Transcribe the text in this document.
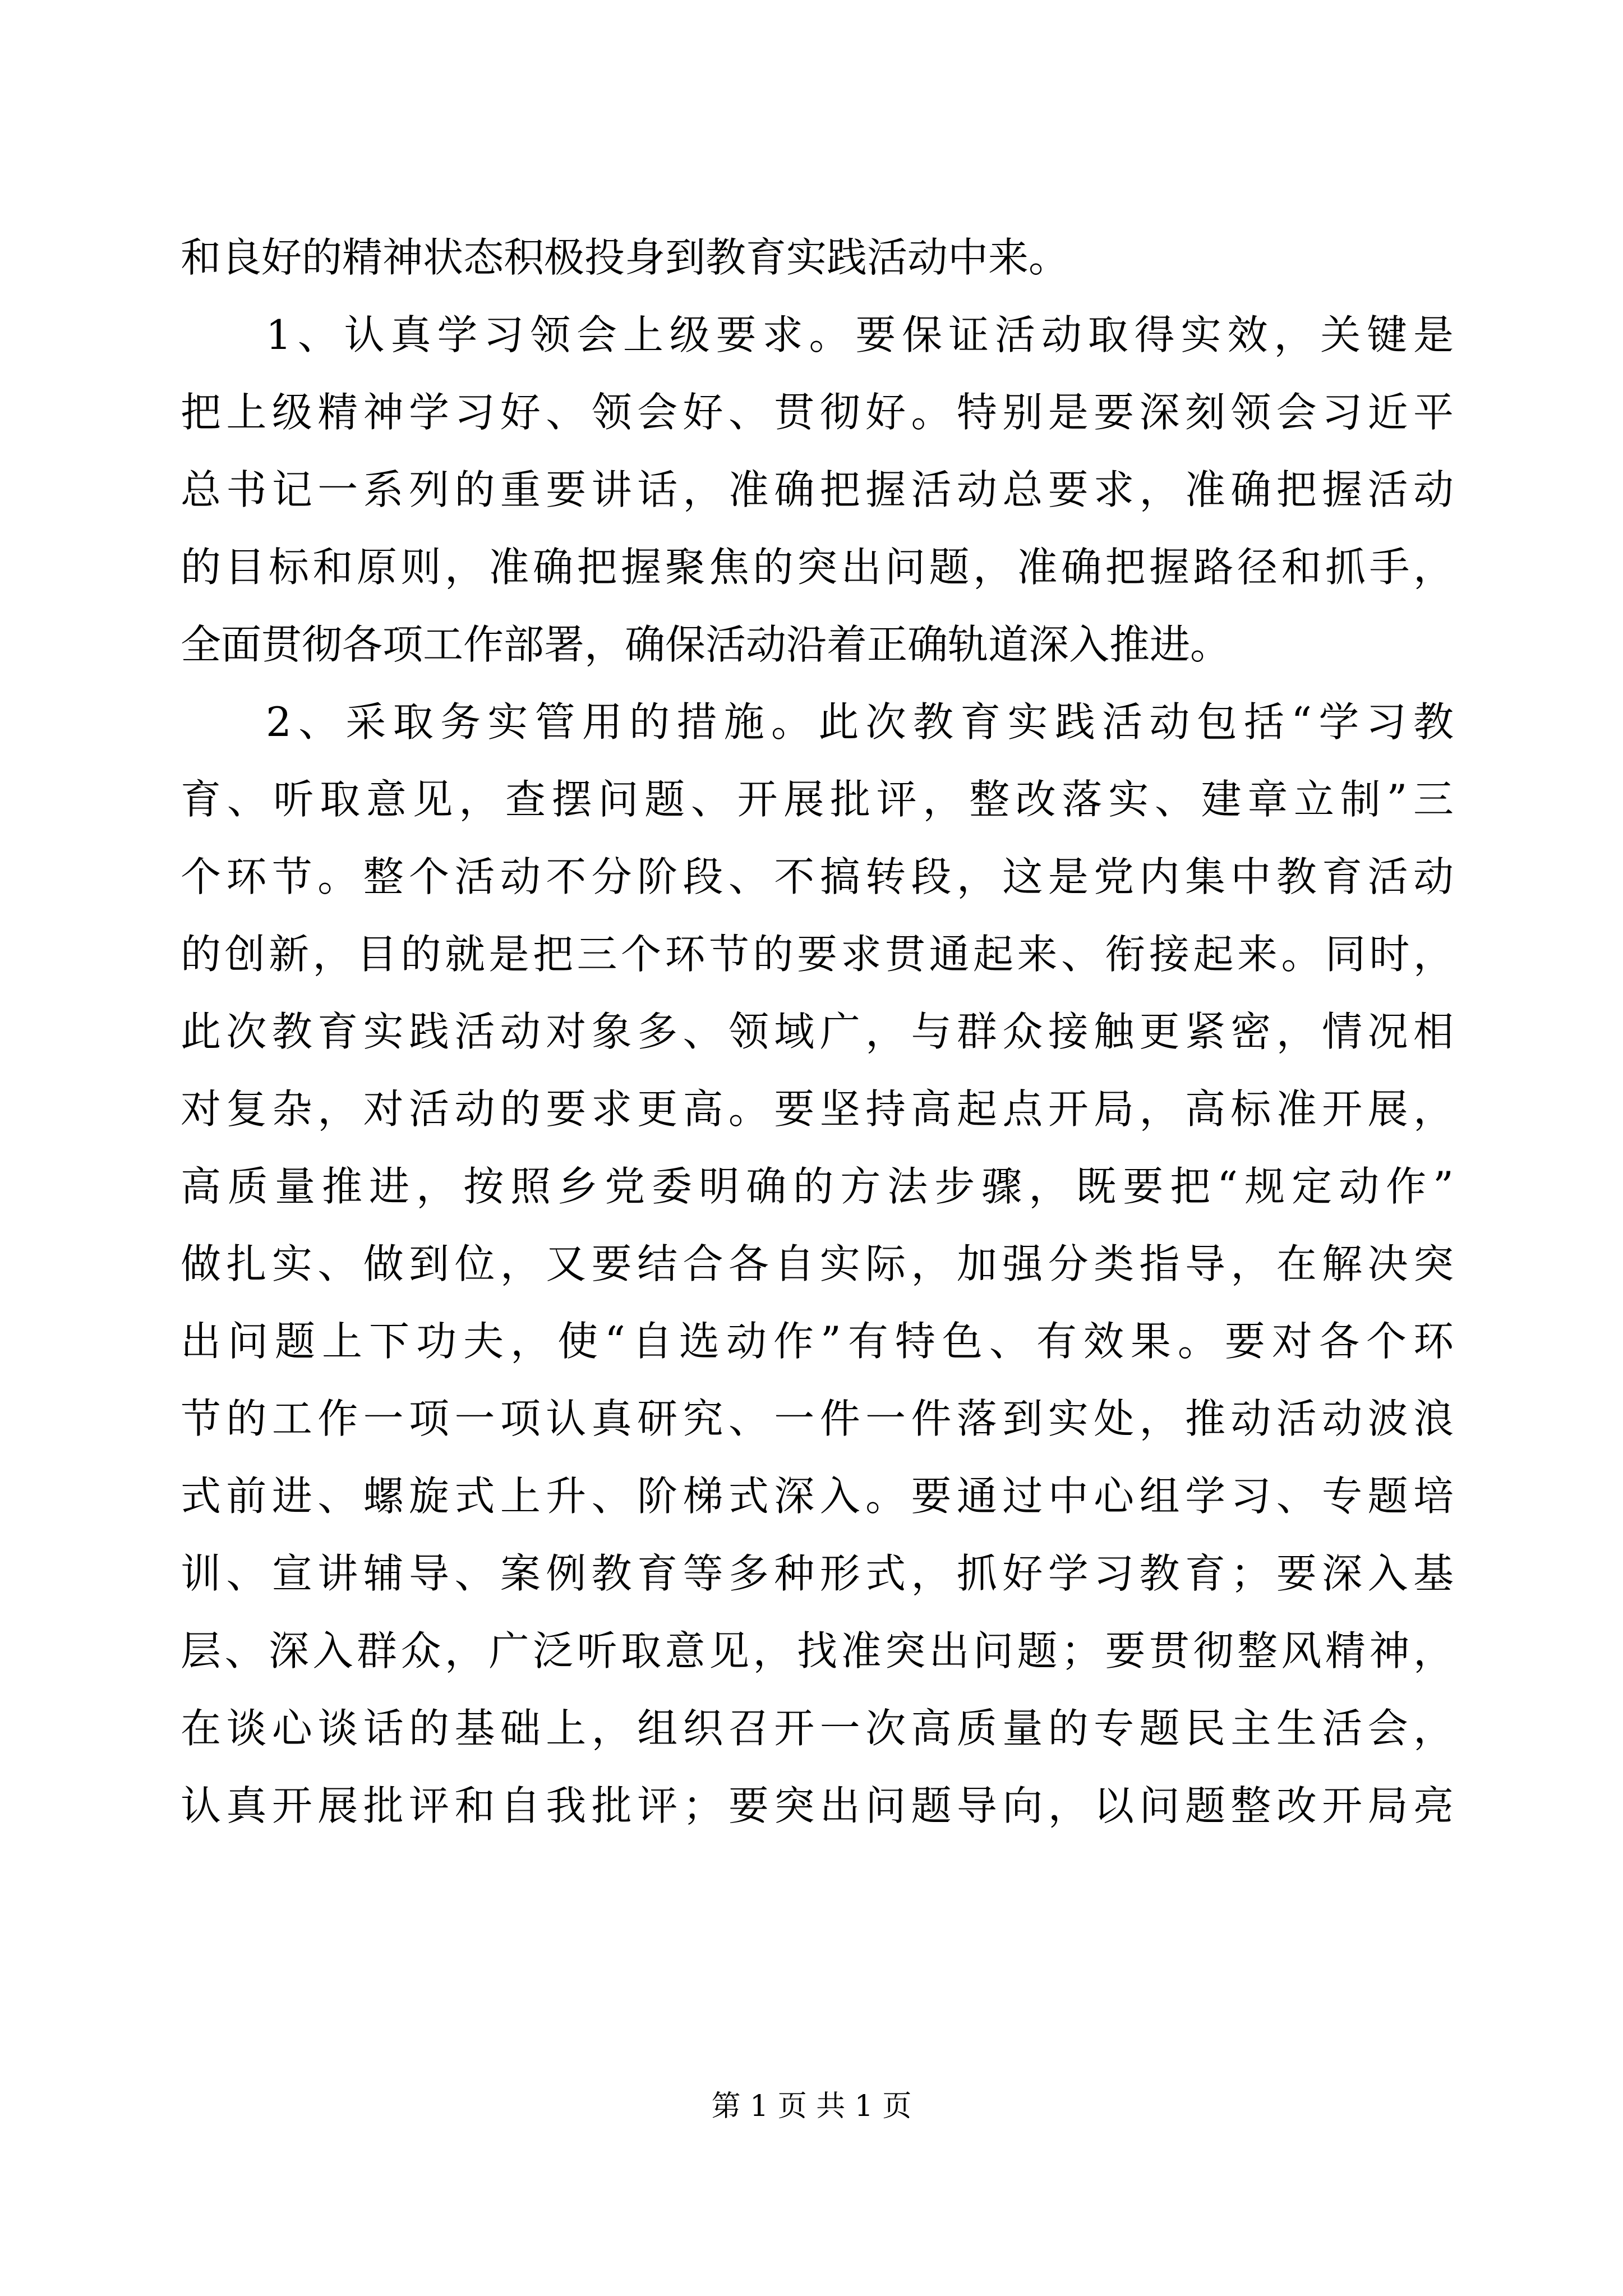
和良好的精神状态积极投身到教育实践活动中来。
1、认真学习领会上级要求。要保证活动取得实效，关键是
把上级精神学习好、领会好、贯彻好。特别是要深刻领会习近平
总书记一系列的重要讲话，准确把握活动总要求，准确把握活动
的目标和原则，准确把握聚焦的突出问题，准确把握路径和抓手，
全面贯彻各项工作部署，确保活动沿着正确轨道深入推进。
2、采取务实管用的措施。此次教育实践活动包括“学习教
育、听取意见，查摆问题、开展批评，整改落实、建章立制”三
个环节。整个活动不分阶段、不搞转段，这是党内集中教育活动
的创新，目的就是把三个环节的要求贯通起来、衔接起来。同时，
此次教育实践活动对象多、领域广，与群众接触更紧密，情况相
对复杂，对活动的要求更高。要坚持高起点开局，高标准开展，
高质量推进，按照乡党委明确的方法步骤，既要把“规定动作”
做扎实、做到位，又要结合各自实际，加强分类指导，在解决突
出问题上下功夫，使“自选动作”有特色、有效果。要对各个环
节的工作一项一项认真研究、一件一件落到实处，推动活动波浪
式前进、螺旋式上升、阶梯式深入。要通过中心组学习、专题培
训、宣讲辅导、案例教育等多种形式，抓好学习教育；要深入基
层、深入群众，广泛听取意见，找准突出问题；要贯彻整风精神，
在谈心谈话的基础上，组织召开一次高质量的专题民主生活会，
认真开展批评和自我批评；要突出问题导向，以问题整改开局亮
第 1 页 共 1 页
